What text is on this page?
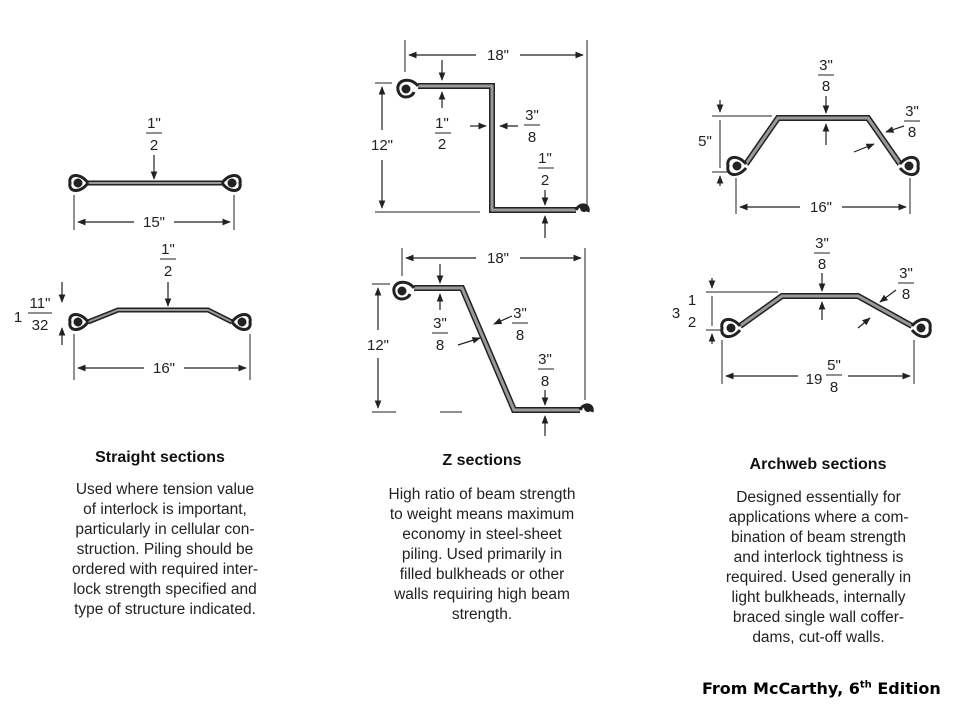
1"
2
15"
1"
2
1
11"
32
16"
18"
12"
1"
2
3"
8
1"
2
18"
12"
3"
8
3"
8
3"
8
3"
8
3"
8
5"
16"
3"
8
3"
8
3
1
2
19
5"
8
Straight sections	Z sections	Archweb sections
Used where tension value
of interlock is important,
particularly in cellular con-
struction. Piling should be
ordered with required inter-
lock strength specified and
type of structure indicated.
High ratio of beam strength
to weight means maximum
economy in steel-sheet
piling. Used primarily in
filled bulkheads or other
walls requiring high beam
strength.
Designed essentially for
applications where a com-
bination of beam strength
and interlock tightness is
required. Used generally in
light bulkheads, internally
braced single wall coffer-
dams, cut-off walls.
From McCarthy, 6th Edition
